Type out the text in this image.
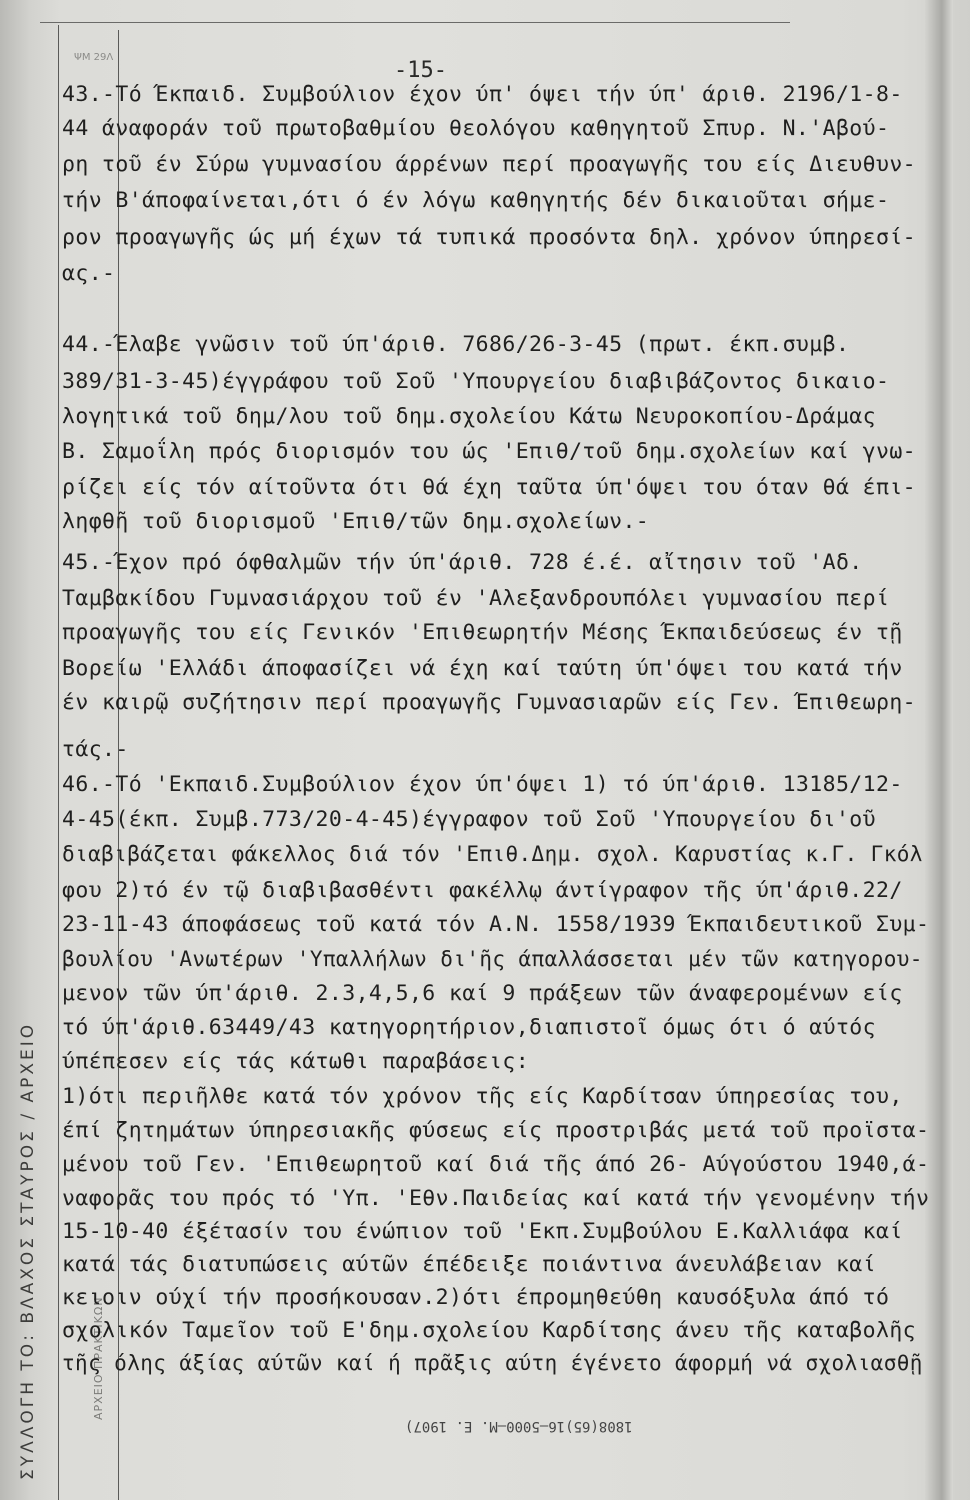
ΨΜ 29Λ
-15-
ΣΥΛΛΟΓΗ ΤΟ: ΒΛΑΧΟΣ ΣΤΑΥΡΟΣ / ΑΡΧΕΙΟ	ΑΡΧΕΙΟ ΠΡΑΚΤΙΚΩΝ
43.-Τό Έκπαιδ. Συμβούλιον έχον ύπ' όψει τήν ύπ' άριθ. 2196/1-8-
44 άναφοράν τοῦ πρωτοβαθμίου θεολόγου καθηγητοῦ Σπυρ. Ν.'Αβού-
ρη τοῦ έν Σύρω γυμνασίου άρρένων περί προαγωγῆς του είς Διευθυν-
τήν Β'άποφαίνεται,ότι ό έν λόγω καθηγητής δέν δικαιοῦται σήμε-
ρον προαγωγῆς ώς μή έχων τά τυπικά προσόντα δηλ. χρόνον ύπηρεσί-
ας.-
44.-Έλαβε γνῶσιν τοῦ ύπ'άριθ. 7686/26-3-45 (πρωτ. έκπ.συμβ.
389/31-3-45)έγγράφου τοῦ Σοῦ 'Υπουργείου διαβιβάζοντος δικαιο-
λογητικά τοῦ δημ/λου τοῦ δημ.σχολείου Κάτω Νευροκοπίου-Δράμας
Β. Σαμοΐλη πρός διορισμόν του ώς 'Επιθ/τοῦ δημ.σχολείων καί γνω-
ρίζει είς τόν αίτοῦντα ότι θά έχη ταῦτα ύπ'όψει του όταν θά έπι-
ληφθῆ τοῦ διορισμοῦ 'Επιθ/τῶν δημ.σχολείων.-
45.-Έχον πρό όφθαλμῶν τήν ύπ'άριθ. 728 έ.έ. αἴτησιν τοῦ 'Αδ.
Ταμβακίδου Γυμνασιάρχου τοῦ έν 'Αλεξανδρουπόλει γυμνασίου περί
προαγωγῆς του είς Γενικόν 'Επιθεωρητήν Μέσης Έκπαιδεύσεως έν τῇ
Βορείω 'Ελλάδι άποφασίζει νά έχη καί ταύτη ύπ'όψει του κατά τήν
έν καιρῷ συζήτησιν περί προαγωγῆς Γυμνασιαρῶν είς Γεν. Έπιθεωρη-
τάς.-
46.-Τό 'Εκπαιδ.Συμβούλιον έχον ύπ'όψει 1) τό ύπ'άριθ. 13185/12-
4-45(έκπ. Συμβ.773/20-4-45)έγγραφον τοῦ Σοῦ 'Υπουργείου δι'οῦ
διαβιβάζεται φάκελλος διά τόν 'Επιθ.Δημ. σχολ. Καρυστίας κ.Γ. Γκόλ
φου 2)τό έν τῷ διαβιβασθέντι φακέλλῳ άντίγραφον τῆς ύπ'άριθ.22/
23-11-43 άποφάσεως τοῦ κατά τόν Α.Ν. 1558/1939 Έκπαιδευτικοῦ Συμ-
βουλίου 'Ανωτέρων 'Υπαλλήλων δι'ῆς άπαλλάσσεται μέν τῶν κατηγορου-
μενον τῶν ύπ'άριθ. 2.3,4,5,6 καί 9 πράξεων τῶν άναφερομένων είς
τό ύπ'άριθ.63449/43 κατηγορητήριον,διαπιστοῖ όμως ότι ό αύτός
ύπέπεσεν είς τάς κάτωθι παραβάσεις:
1)ότι περιῆλθε κατά τόν χρόνον τῆς είς Καρδίτσαν ύπηρεσίας του,
έπί ζητημάτων ύπηρεσιακῆς φύσεως είς προστριβάς μετά τοῦ προϊστα-
μένου τοῦ Γεν. 'Επιθεωρητοῦ καί διά τῆς άπό 26- Αύγούστου 1940,ά-
ναφορᾶς του πρός τό 'Υπ. 'Εθν.Παιδείας καί κατά τήν γενομένην τήν
15-10-40 έξέτασίν του ένώπιον τοῦ 'Εκπ.Συμβούλου Ε.Καλλιάφα καί
κατά τάς διατυπώσεις αύτῶν έπέδειξε ποιάντινα άνευλάβειαν καί
κειοιν ούχί τήν προσήκουσαν.2)ότι έπρομηθεύθη καυσόξυλα άπό τό
σχολικόν Ταμεῖον τοῦ Ε'δημ.σχολείου Καρδίτσης άνευ τῆς καταβολῆς
τῆς όλης άξίας αύτῶν καί ή πρᾶξις αύτη έγένετο άφορμή νά σχολιασθῇ
1808(65)16—5000—Μ. Ε. 1907)
